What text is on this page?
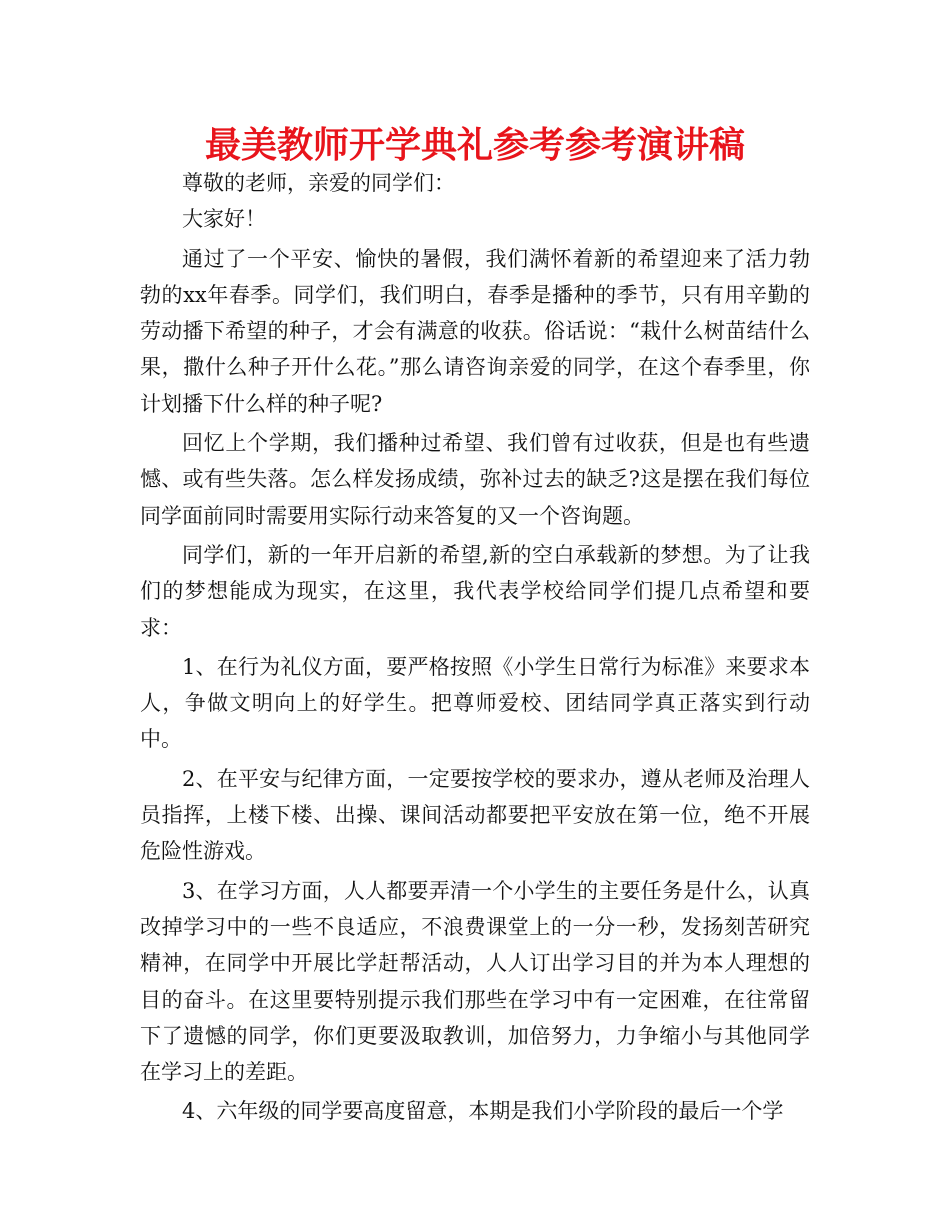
最美教师开学典礼参考参考演讲稿

尊敬的老师，亲爱的同学们：

大家好！

通过了一个平安、愉快的暑假，我们满怀着新的希望迎来了活力勃勃的xx年春季。同学们，我们明白，春季是播种的季节，只有用辛勤的劳动播下希望的种子，才会有满意的收获。俗话说：“栽什么树苗结什么果，撒什么种子开什么花。”那么请咨询亲爱的同学，在这个春季里，你计划播下什么样的种子呢?

回忆上个学期，我们播种过希望、我们曾有过收获，但是也有些遗憾、或有些失落。怎么样发扬成绩，弥补过去的缺乏?这是摆在我们每位同学面前同时需要用实际行动来答复的又一个咨询题。

同学们，新的一年开启新的希望,新的空白承载新的梦想。为了让我们的梦想能成为现实，在这里，我代表学校给同学们提几点希望和要求：

1、在行为礼仪方面，要严格按照《小学生日常行为标准》来要求本人，争做文明向上的好学生。把尊师爱校、团结同学真正落实到行动中。

2、在平安与纪律方面，一定要按学校的要求办，遵从老师及治理人员指挥，上楼下楼、出操、课间活动都要把平安放在第一位，绝不开展危险性游戏。

3、在学习方面，人人都要弄清一个小学生的主要任务是什么，认真改掉学习中的一些不良适应，不浪费课堂上的一分一秒，发扬刻苦研究精神，在同学中开展比学赶帮活动，人人订出学习目的并为本人理想的目的奋斗。在这里要特别提示我们那些在学习中有一定困难，在往常留下了遗憾的同学，你们更要汲取教训，加倍努力，力争缩小与其他同学在学习上的差距。

4、六年级的同学要高度留意，本期是我们小学阶段的最后一个学
